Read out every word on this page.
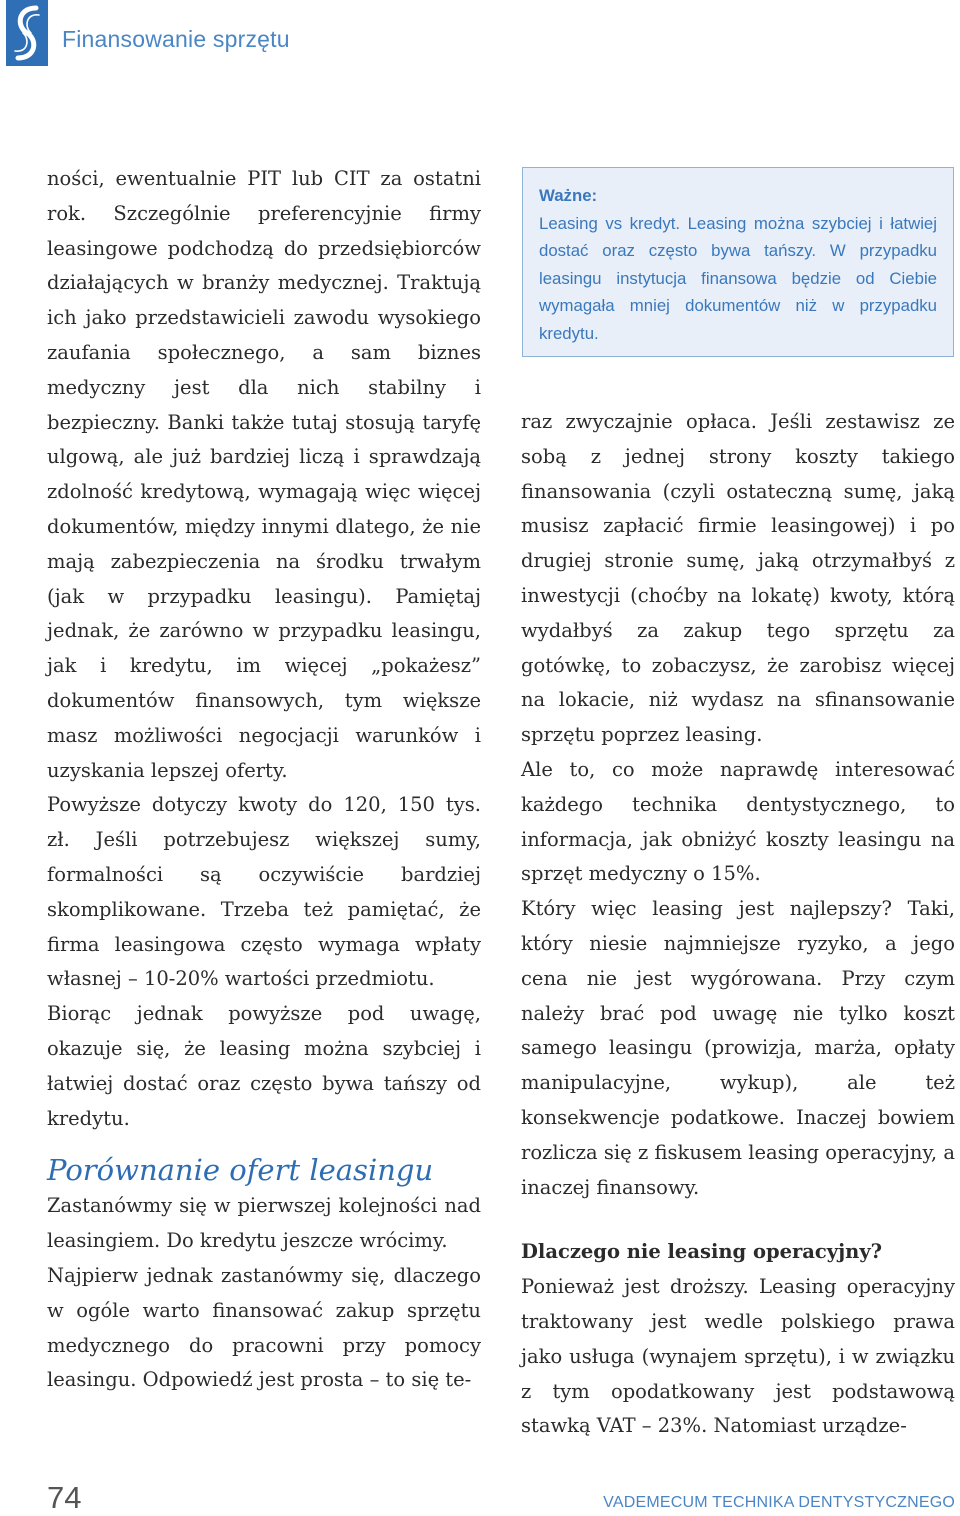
Finansowanie sprzętu

ności, ewentualnie PIT lub CIT za ostatni rok. Szczególnie preferencyjnie firmy leasingowe podchodzą do przedsiębiorców działających w branży medycznej. Traktują ich jako przedstawicieli zawodu wysokiego zaufania społecznego, a sam biznes medyczny jest dla nich stabilny i bezpieczny. Banki także tutaj stosują taryfę ulgową, ale już bardziej liczą i sprawdzają zdolność kredytową, wymagają więc więcej dokumentów, między innymi dlatego, że nie mają zabezpieczenia na środku trwałym (jak w przypadku leasingu). Pamiętaj jednak, że zarówno w przypadku leasingu, jak i kredytu, im więcej „pokażesz” dokumentów finansowych, tym większe masz możliwości negocjacji warunków i uzyskania lepszej oferty.

Powyższe dotyczy kwoty do 120, 150 tys. zł. Jeśli potrzebujesz większej sumy, formalności są oczywiście bardziej skomplikowane. Trzeba też pamiętać, że firma leasingowa często wymaga wpłaty własnej – 10-20% wartości przedmiotu.

Biorąc jednak powyższe pod uwagę, okazuje się, że leasing można szybciej i łatwiej dostać oraz często bywa tańszy od kredytu.

Porównanie ofert leasingu

Zastanówmy się w pierwszej kolejności nad leasingiem. Do kredytu jeszcze wrócimy.

Najpierw jednak zastanówmy się, dlaczego w ogóle warto finansować zakup sprzętu medycznego do pracowni przy pomocy leasingu. Odpowiedź jest prosta – to się te-

Ważne:
Leasing vs kredyt. Leasing można szybciej i łatwiej dostać oraz często bywa tańszy. W przypadku leasingu instytucja finansowa będzie od Ciebie wymagała mniej dokumentów niż w przypadku kredytu.

raz zwyczajnie opłaca. Jeśli zestawisz ze sobą z jednej strony koszty takiego finansowania (czyli ostateczną sumę, jaką musisz zapłacić firmie leasingowej) i po drugiej stronie sumę, jaką otrzymałbyś z inwestycji (choćby na lokatę) kwoty, którą wydałbyś za zakup tego sprzętu za gotówkę, to zobaczysz, że zarobisz więcej na lokacie, niż wydasz na sfinansowanie sprzętu poprzez leasing.

Ale to, co może naprawdę interesować każdego technika dentystycznego, to informacja, jak obniżyć koszty leasingu na sprzęt medyczny o 15%.

Który więc leasing jest najlepszy? Taki, który niesie najmniejsze ryzyko, a jego cena nie jest wygórowana. Przy czym należy brać pod uwagę nie tylko koszt samego leasingu (prowizja, marża, opłaty manipulacyjne, wykup), ale też konsekwencje podatkowe. Inaczej bowiem rozlicza się z fiskusem leasing operacyjny, a inaczej finansowy.

Dlaczego nie leasing operacyjny?

Ponieważ jest droższy. Leasing operacyjny traktowany jest wedle polskiego prawa jako usługa (wynajem sprzętu), i w związku z tym opodatkowany jest podstawową stawką VAT – 23%. Natomiast urządze-

74	VADEMECUM TECHNIKA DENTYSTYCZNEGO
